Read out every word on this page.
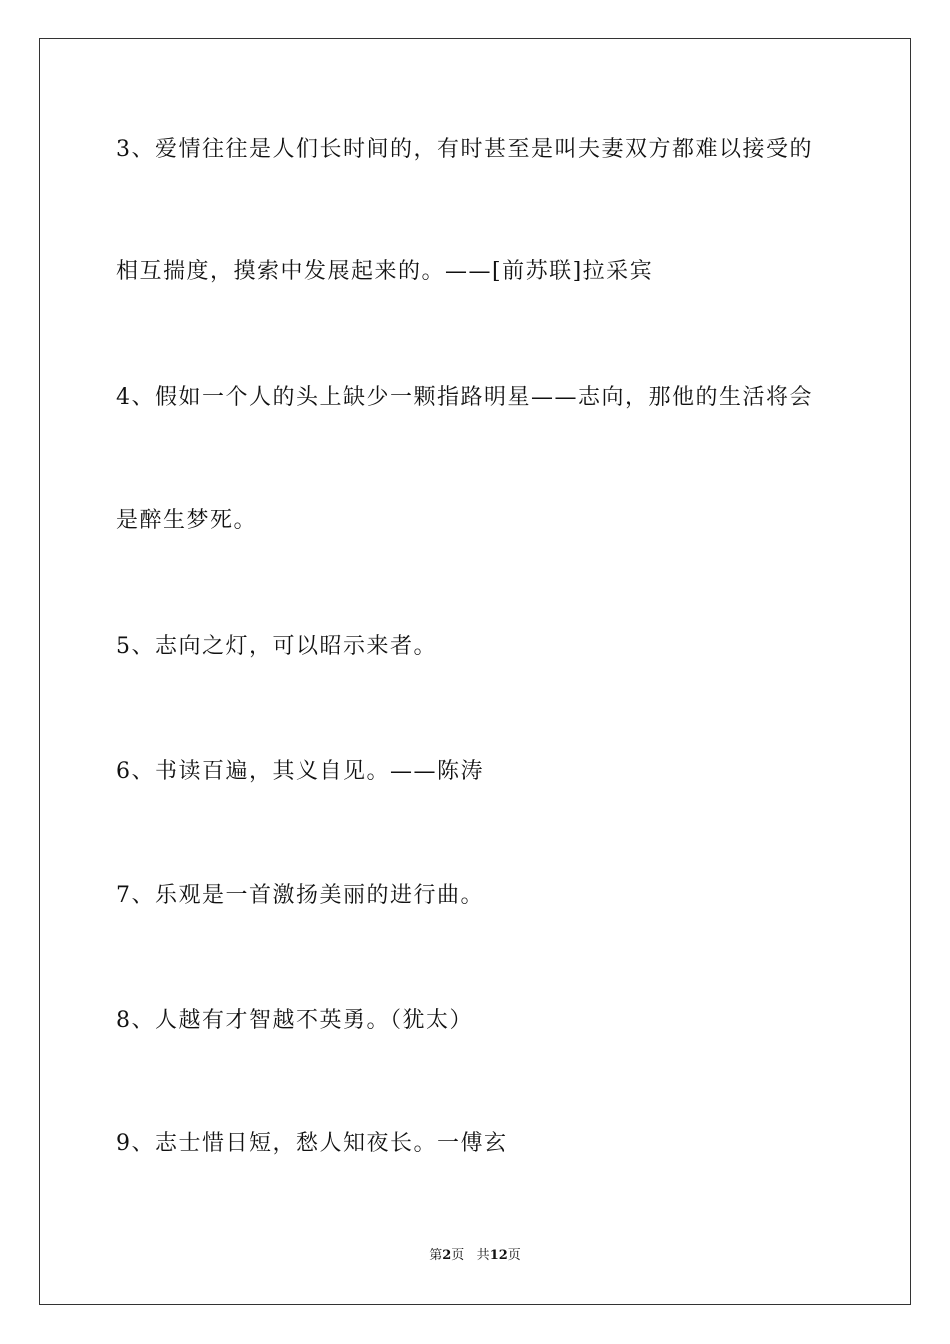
3、爱情往往是人们长时间的，有时甚至是叫夫妻双方都难以接受的
相互揣度，摸索中发展起来的。——[前苏联]拉采宾
4、假如一个人的头上缺少一颗指路明星——志向，那他的生活将会
是醉生梦死。
5、志向之灯，可以昭示来者。
6、书读百遍，其义自见。——陈涛
7、乐观是一首激扬美丽的进行曲。
8、人越有才智越不英勇。（犹太）
9、志士惜日短，愁人知夜长。一傅玄
第2页 共12页
